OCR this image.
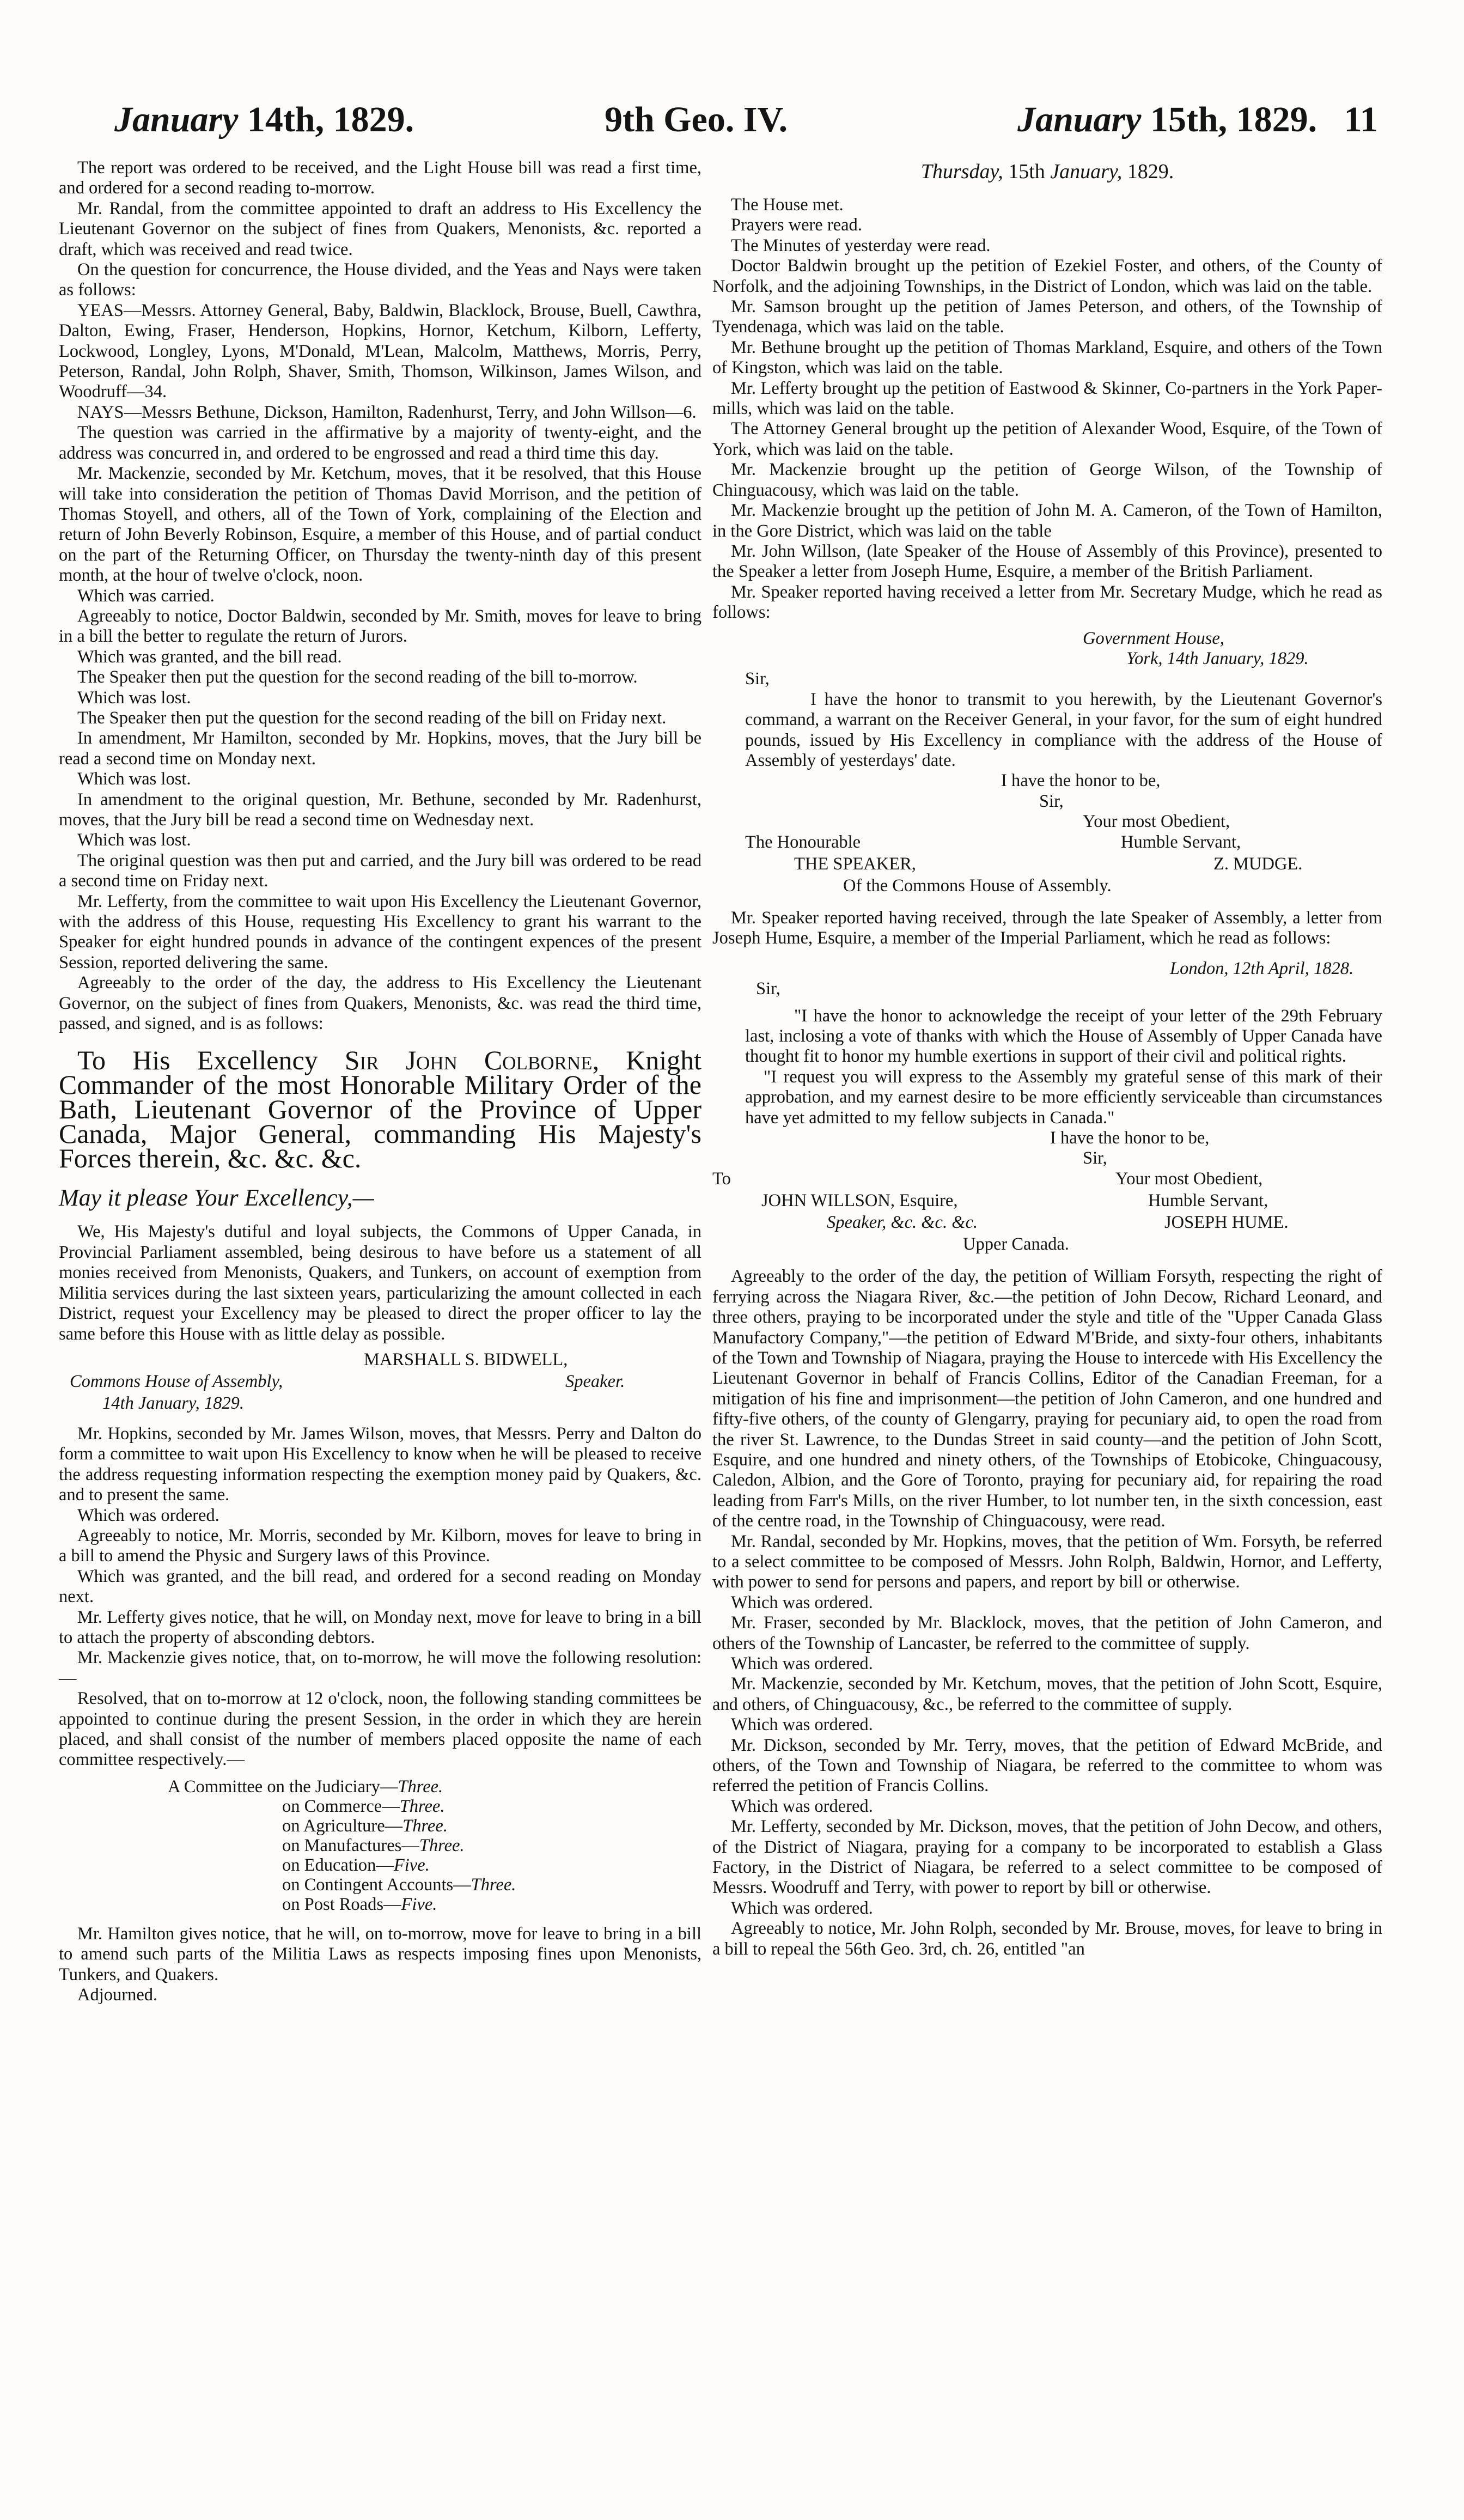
January 14th, 1829.	9th Geo. IV.	January 15th, 1829. 11

The report was ordered to be received, and the Light House bill was read a first time, and ordered for a second reading to-morrow.

Mr. Randal, from the committee appointed to draft an address to His Excellency the Lieutenant Governor on the subject of fines from Quakers, Menonists, &c. reported a draft, which was received and read twice.

On the question for concurrence, the House divided, and the Yeas and Nays were taken as follows:

YEAS—Messrs. Attorney General, Baby, Baldwin, Blacklock, Brouse, Buell, Cawthra, Dalton, Ewing, Fraser, Henderson, Hopkins, Hornor, Ketchum, Kilborn, Lefferty, Lockwood, Longley, Lyons, M'Donald, M'Lean, Malcolm, Matthews, Morris, Perry, Peterson, Randal, John Rolph, Shaver, Smith, Thomson, Wilkinson, James Wilson, and Woodruff—34.

NAYS—Messrs Bethune, Dickson, Hamilton, Radenhurst, Terry, and John Willson—6.

The question was carried in the affirmative by a majority of twenty-eight, and the address was concurred in, and ordered to be engrossed and read a third time this day.

Mr. Mackenzie, seconded by Mr. Ketchum, moves, that it be resolved, that this House will take into consideration the petition of Thomas David Morrison, and the petition of Thomas Stoyell, and others, all of the Town of York, complaining of the Election and return of John Beverly Robinson, Esquire, a member of this House, and of partial conduct on the part of the Returning Officer, on Thursday the twenty-ninth day of this present month, at the hour of twelve o'clock, noon.

Which was carried.

Agreeably to notice, Doctor Baldwin, seconded by Mr. Smith, moves for leave to bring in a bill the better to regulate the return of Jurors.

Which was granted, and the bill read.

The Speaker then put the question for the second reading of the bill to-morrow.

Which was lost.

The Speaker then put the question for the second reading of the bill on Friday next.

In amendment, Mr Hamilton, seconded by Mr. Hopkins, moves, that the Jury bill be read a second time on Monday next.

Which was lost.

In amendment to the original question, Mr. Bethune, seconded by Mr. Radenhurst, moves, that the Jury bill be read a second time on Wednesday next.

Which was lost.

The original question was then put and carried, and the Jury bill was ordered to be read a second time on Friday next.

Mr. Lefferty, from the committee to wait upon His Excellency the Lieutenant Governor, with the address of this House, requesting His Excellency to grant his warrant to the Speaker for eight hundred pounds in advance of the contingent expences of the present Session, reported delivering the same.

Agreeably to the order of the day, the address to His Excellency the Lieutenant Governor, on the subject of fines from Quakers, Menonists, &c. was read the third time, passed, and signed, and is as follows:

To His Excellency Sir John Colborne, Knight Commander of the most Honorable Military Order of the Bath, Lieutenant Governor of the Province of Upper Canada, Major General, commanding His Majesty's Forces therein, &c. &c. &c.

May it please Your Excellency,—

We, His Majesty's dutiful and loyal subjects, the Commons of Upper Canada, in Provincial Parliament assembled, being desirous to have before us a statement of all monies received from Menonists, Quakers, and Tunkers, on account of exemption from Militia services during the last sixteen years, particularizing the amount collected in each District, request your Excellency may be pleased to direct the proper officer to lay the same before this House with as little delay as possible.

MARSHALL S. BIDWELL,
Commons House of Assembly,	Speaker.
14th January, 1829.

Mr. Hopkins, seconded by Mr. James Wilson, moves, that Messrs. Perry and Dalton do form a committee to wait upon His Excellency to know when he will be pleased to receive the address requesting information respecting the exemption money paid by Quakers, &c. and to present the same.

Which was ordered.

Agreeably to notice, Mr. Morris, seconded by Mr. Kilborn, moves for leave to bring in a bill to amend the Physic and Surgery laws of this Province.

Which was granted, and the bill read, and ordered for a second reading on Monday next.

Mr. Lefferty gives notice, that he will, on Monday next, move for leave to bring in a bill to attach the property of absconding debtors.

Mr. Mackenzie gives notice, that, on to-morrow, he will move the following resolution:—

Resolved, that on to-morrow at 12 o'clock, noon, the following standing committees be appointed to continue during the present Session, in the order in which they are herein placed, and shall consist of the number of members placed opposite the name of each committee respectively.—

A Committee on the Judiciary—Three.
on Commerce—Three.
on Agriculture—Three.
on Manufactures—Three.
on Education—Five.
on Contingent Accounts—Three.
on Post Roads—Five.

Mr. Hamilton gives notice, that he will, on to-morrow, move for leave to bring in a bill to amend such parts of the Militia Laws as respects imposing fines upon Menonists, Tunkers, and Quakers.

Adjourned.

Thursday, 15th January, 1829.

The House met.

Prayers were read.

The Minutes of yesterday were read.

Doctor Baldwin brought up the petition of Ezekiel Foster, and others, of the County of Norfolk, and the adjoining Townships, in the District of London, which was laid on the table.

Mr. Samson brought up the petition of James Peterson, and others, of the Township of Tyendenaga, which was laid on the table.

Mr. Bethune brought up the petition of Thomas Markland, Esquire, and others of the Town of Kingston, which was laid on the table.

Mr. Lefferty brought up the petition of Eastwood & Skinner, Co-partners in the York Paper-mills, which was laid on the table.

The Attorney General brought up the petition of Alexander Wood, Esquire, of the Town of York, which was laid on the table.

Mr. Mackenzie brought up the petition of George Wilson, of the Township of Chinguacousy, which was laid on the table.

Mr. Mackenzie brought up the petition of John M. A. Cameron, of the Town of Hamilton, in the Gore District, which was laid on the table

Mr. John Willson, (late Speaker of the House of Assembly of this Province), presented to the Speaker a letter from Joseph Hume, Esquire, a member of the British Parliament.

Mr. Speaker reported having received a letter from Mr. Secretary Mudge, which he read as follows:

Government House,

York, 14th January, 1829.

Sir,

I have the honor to transmit to you herewith, by the Lieutenant Governor's command, a warrant on the Receiver General, in your favor, for the sum of eight hundred pounds, issued by His Excellency in compliance with the address of the House of Assembly of yesterdays' date.

I have the honor to be,

Sir,

Your most Obedient,

The Honourable	Humble Servant,
THE SPEAKER,	Z. MUDGE.

Of the Commons House of Assembly.

Mr. Speaker reported having received, through the late Speaker of Assembly, a letter from Joseph Hume, Esquire, a member of the Imperial Parliament, which he read as follows:

London, 12th April, 1828.

Sir,

"I have the honor to acknowledge the receipt of your letter of the 29th February last, inclosing a vote of thanks with which the House of Assembly of Upper Canada have thought fit to honor my humble exertions in support of their civil and political rights.

"I request you will express to the Assembly my grateful sense of this mark of their approbation, and my earnest desire to be more efficiently serviceable than circumstances have yet admitted to my fellow subjects in Canada."

I have the honor to be,

Sir,

To	Your most Obedient,
JOHN WILLSON, Esquire,	Humble Servant,
Speaker, &c. &c. &c.	JOSEPH HUME.

Upper Canada.

Agreeably to the order of the day, the petition of William Forsyth, respecting the right of ferrying across the Niagara River, &c.—the petition of John Decow, Richard Leonard, and three others, praying to be incorporated under the style and title of the "Upper Canada Glass Manufactory Company,"—the petition of Edward M'Bride, and sixty-four others, inhabitants of the Town and Township of Niagara, praying the House to intercede with His Excellency the Lieutenant Governor in behalf of Francis Collins, Editor of the Canadian Freeman, for a mitigation of his fine and imprisonment—the petition of John Cameron, and one hundred and fifty-five others, of the county of Glengarry, praying for pecuniary aid, to open the road from the river St. Lawrence, to the Dundas Street in said county—and the petition of John Scott, Esquire, and one hundred and ninety others, of the Townships of Etobicoke, Chinguacousy, Caledon, Albion, and the Gore of Toronto, praying for pecuniary aid, for repairing the road leading from Farr's Mills, on the river Humber, to lot number ten, in the sixth concession, east of the centre road, in the Township of Chinguacousy, were read.

Mr. Randal, seconded by Mr. Hopkins, moves, that the petition of Wm. Forsyth, be referred to a select committee to be composed of Messrs. John Rolph, Baldwin, Hornor, and Lefferty, with power to send for persons and papers, and report by bill or otherwise.

Which was ordered.

Mr. Fraser, seconded by Mr. Blacklock, moves, that the petition of John Cameron, and others of the Township of Lancaster, be referred to the committee of supply.

Which was ordered.

Mr. Mackenzie, seconded by Mr. Ketchum, moves, that the petition of John Scott, Esquire, and others, of Chinguacousy, &c., be referred to the committee of supply.

Which was ordered.

Mr. Dickson, seconded by Mr. Terry, moves, that the petition of Edward McBride, and others, of the Town and Township of Niagara, be referred to the committee to whom was referred the petition of Francis Collins.

Which was ordered.

Mr. Lefferty, seconded by Mr. Dickson, moves, that the petition of John Decow, and others, of the District of Niagara, praying for a company to be incorporated to establish a Glass Factory, in the District of Niagara, be referred to a select committee to be composed of Messrs. Woodruff and Terry, with power to report by bill or otherwise.

Which was ordered.

Agreeably to notice, Mr. John Rolph, seconded by Mr. Brouse, moves, for leave to bring in a bill to repeal the 56th Geo. 3rd, ch. 26, entitled "an
